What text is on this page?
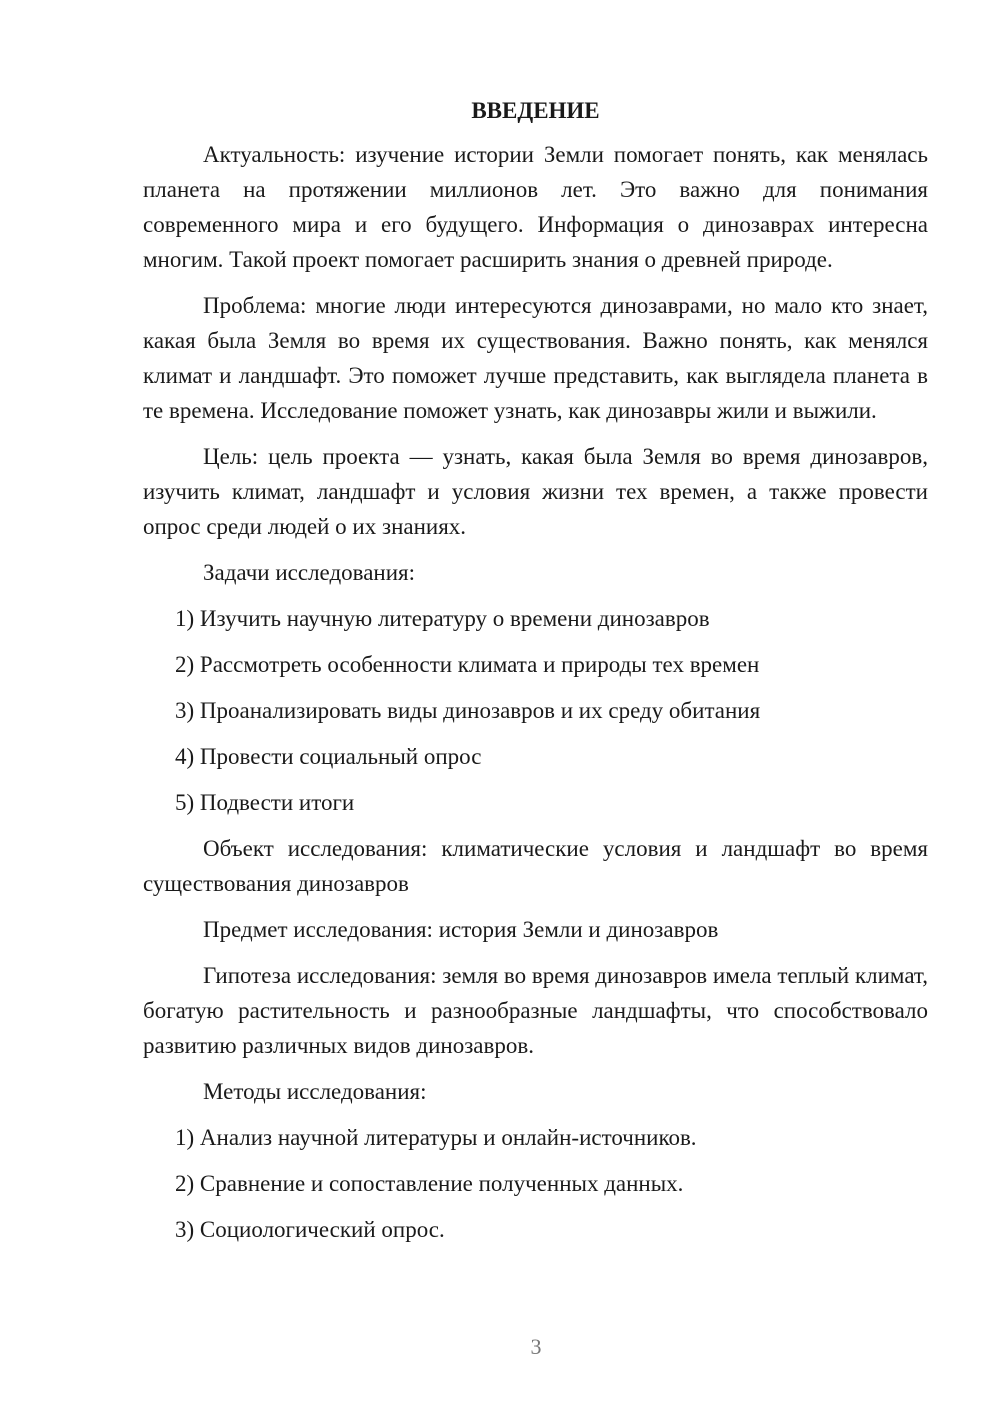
ВВЕДЕНИЕ

Актуальность: изучение истории Земли помогает понять, как менялась планета на протяжении миллионов лет. Это важно для понимания современного мира и его будущего. Информация о динозаврах интересна многим. Такой проект помогает расширить знания о древней природе.

Проблема: многие люди интересуются динозаврами, но мало кто знает, какая была Земля во время их существования. Важно понять, как менялся климат и ландшафт. Это поможет лучше представить, как выглядела планета в те времена. Исследование поможет узнать, как динозавры жили и выжили.

Цель: цель проекта — узнать, какая была Земля во время динозавров, изучить климат, ландшафт и условия жизни тех времен, а также провести опрос среди людей о их знаниях.

Задачи исследования:

1) Изучить научную литературу о времени динозавров

2) Рассмотреть особенности климата и природы тех времен

3) Проанализировать виды динозавров и их среду обитания

4) Провести социальный опрос

5) Подвести итоги

Объект исследования: климатические условия и ландшафт во время существования динозавров

Предмет исследования: история Земли и динозавров

Гипотеза исследования: земля во время динозавров имела теплый климат, богатую растительность и разнообразные ландшафты, что способствовало развитию различных видов динозавров.

Методы исследования:

1) Анализ научной литературы и онлайн-источников.

2) Сравнение и сопоставление полученных данных.

3) Социологический опрос.

3
